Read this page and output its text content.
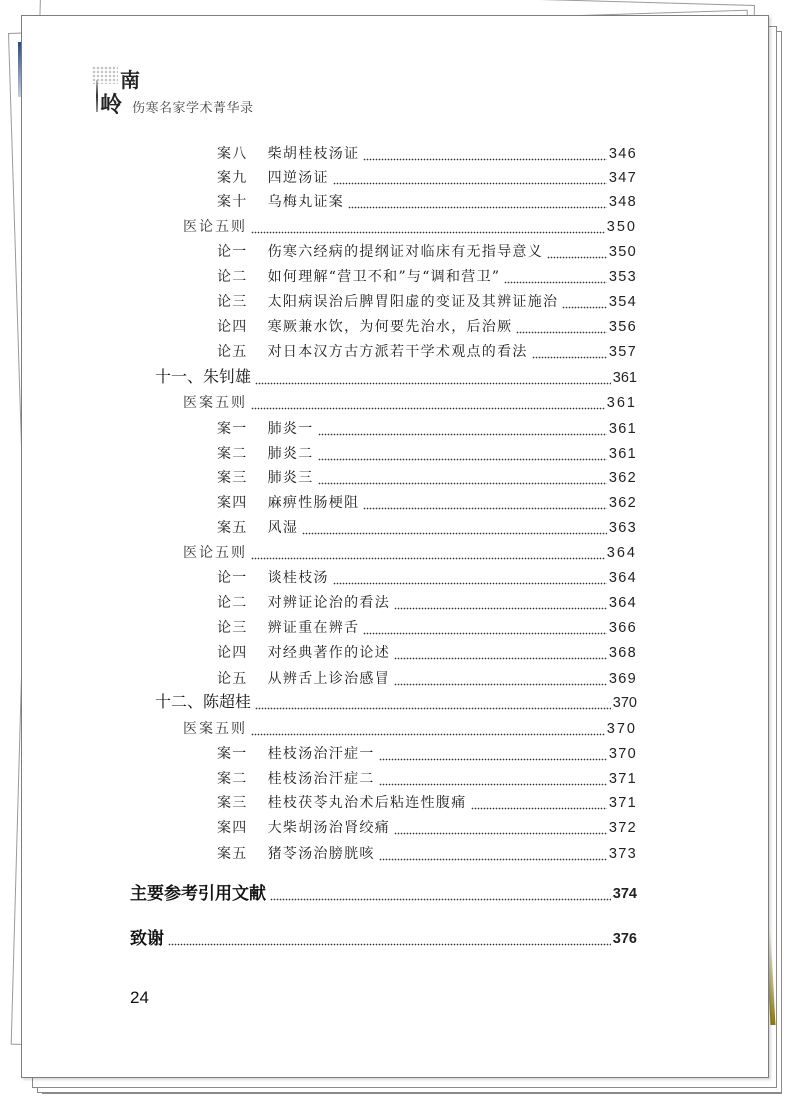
岭
南
伤寒名家学术菁华录
案八 柴胡桂枝汤证	346
案九 四逆汤证	347
案十 乌梅丸证案	348
医论五则	350
论一 伤寒六经病的提纲证对临床有无指导意义	350
论二 如何理解“营卫不和”与“调和营卫”	353
论三 太阳病误治后脾胃阳虚的变证及其辨证施治	354
论四 寒厥兼水饮，为何要先治水，后治厥	356
论五 对日本汉方古方派若干学术观点的看法	357
十一、朱钊雄	361
医案五则	361
案一 肺炎一	361
案二 肺炎二	361
案三 肺炎三	362
案四 麻痹性肠梗阻	362
案五 风湿	363
医论五则	364
论一 谈桂枝汤	364
论二 对辨证论治的看法	364
论三 辨证重在辨舌	366
论四 对经典著作的论述	368
论五 从辨舌上诊治感冒	369
十二、陈超桂	370
医案五则	370
案一 桂枝汤治汗症一	370
案二 桂枝汤治汗症二	371
案三 桂枝茯苓丸治术后粘连性腹痛	371
案四 大柴胡汤治肾绞痛	372
案五 猪苓汤治膀胱咳	373
主要参考引用文献	374
致谢	376
24
